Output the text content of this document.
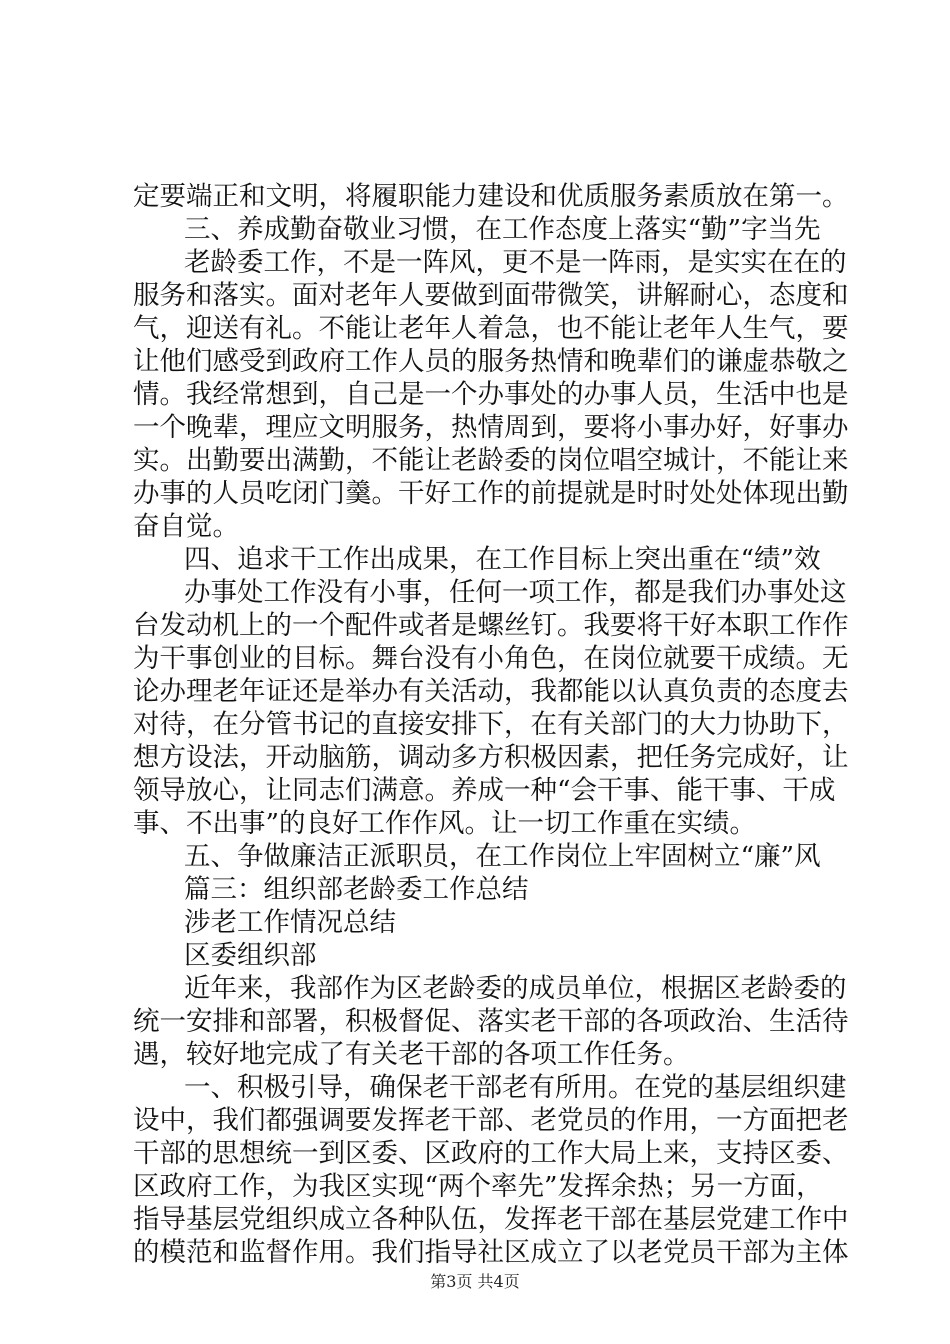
定要端正和文明，将履职能力建设和优质服务素质放在第一。
三、养成勤奋敬业习惯，在工作态度上落实“勤”字当先
老龄委工作，不是一阵风，更不是一阵雨，是实实在在的
服务和落实。面对老年人要做到面带微笑，讲解耐心，态度和
气，迎送有礼。不能让老年人着急，也不能让老年人生气，要
让他们感受到政府工作人员的服务热情和晚辈们的谦虚恭敬之
情。我经常想到，自己是一个办事处的办事人员，生活中也是
一个晚辈，理应文明服务，热情周到，要将小事办好，好事办
实。出勤要出满勤，不能让老龄委的岗位唱空城计，不能让来
办事的人员吃闭门羹。干好工作的前提就是时时处处体现出勤
奋自觉。
四、追求干工作出成果，在工作目标上突出重在“绩”效
办事处工作没有小事，任何一项工作，都是我们办事处这
台发动机上的一个配件或者是螺丝钉。我要将干好本职工作作
为干事创业的目标。舞台没有小角色，在岗位就要干成绩。无
论办理老年证还是举办有关活动，我都能以认真负责的态度去
对待，在分管书记的直接安排下，在有关部门的大力协助下，
想方设法，开动脑筋，调动多方积极因素，把任务完成好，让
领导放心，让同志们满意。养成一种“会干事、能干事、干成
事、不出事”的良好工作作风。让一切工作重在实绩。
五、争做廉洁正派职员，在工作岗位上牢固树立“廉”风
篇三：组织部老龄委工作总结
涉老工作情况总结
区委组织部
近年来，我部作为区老龄委的成员单位，根据区老龄委的
统一安排和部署，积极督促、落实老干部的各项政治、生活待
遇，较好地完成了有关老干部的各项工作任务。
一、积极引导，确保老干部老有所用。在党的基层组织建
设中，我们都强调要发挥老干部、老党员的作用，一方面把老
干部的思想统一到区委、区政府的工作大局上来，支持区委、
区政府工作，为我区实现“两个率先”发挥余热；另一方面，
指导基层党组织成立各种队伍，发挥老干部在基层党建工作中
的模范和监督作用。我们指导社区成立了以老党员干部为主体
第3页 共4页
